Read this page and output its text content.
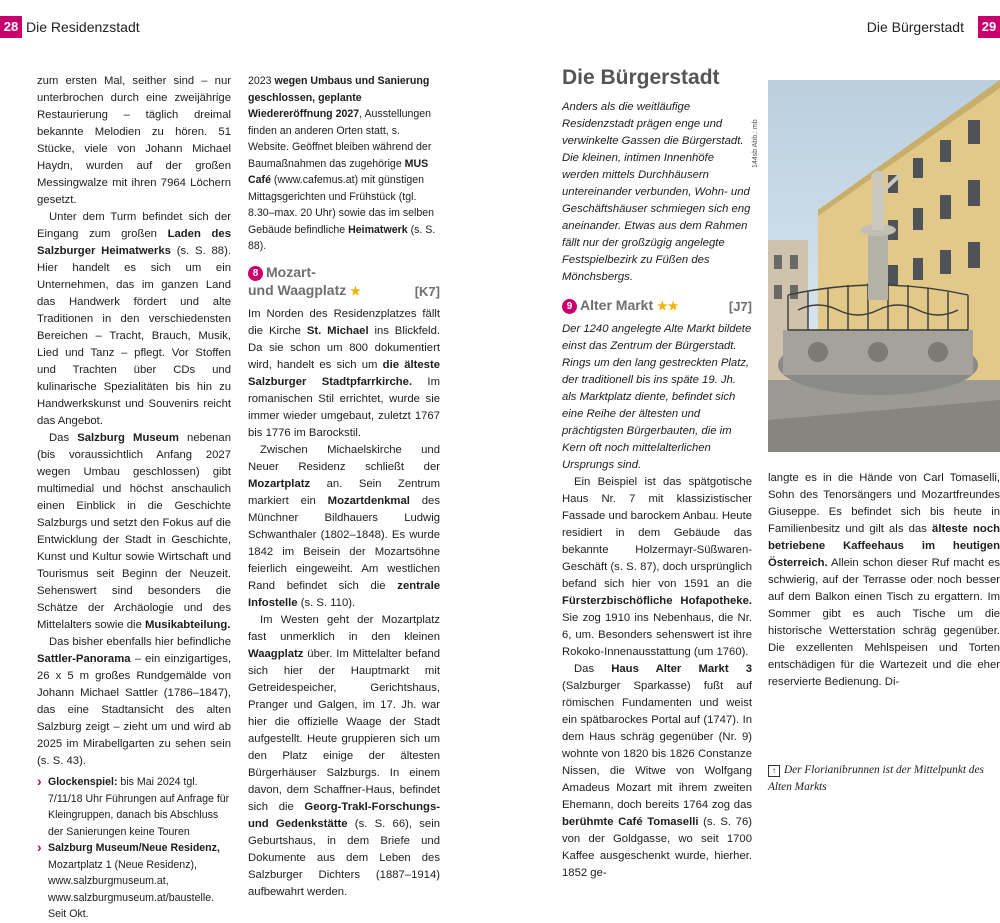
28 Die Residenzstadt

zum ersten Mal, seither sind – nur unterbrochen durch eine zweijährige Restaurierung – täglich dreimal bekannte Melodien zu hören. 51 Stücke, viele von Johann Michael Haydn, wurden auf der großen Messingwalze mit ihren 7964 Löchern gesetzt.

Unter dem Turm befindet sich der Eingang zum großen Laden des Salzburger Heimatwerks (s. S. 88). Hier handelt es sich um ein Unternehmen, das im ganzen Land das Handwerk fördert und alte Traditionen in den verschiedensten Bereichen – Tracht, Brauch, Musik, Lied und Tanz – pflegt. Vor Stoffen und Trachten über CDs und kulinarische Spezialitäten bis hin zu Handwerkskunst und Souvenirs reicht das Angebot.

Das Salzburg Museum nebenan (bis voraussichtlich Anfang 2027 wegen Umbau geschlossen) gibt multimedial und höchst anschaulich einen Einblick in die Geschichte Salzburgs und setzt den Fokus auf die Entwicklung der Stadt in Geschichte, Kunst und Kultur sowie Wirtschaft und Tourismus seit Beginn der Neuzeit. Sehenswert sind besonders die Schätze der Archäologie und des Mittelalters sowie die Musikabteilung.

Das bisher ebenfalls hier befindliche Sattler-Panorama – ein einzigartiges, 26 x 5 m großes Rundgemälde von Johann Michael Sattler (1786–1847), das eine Stadtansicht des alten Salzburg zeigt – zieht um und wird ab 2025 im Mirabellgarten zu sehen sein (s. S. 43).

› Glockenspiel: bis Mai 2024 tgl. 7/11/18 Uhr Führungen auf Anfrage für Kleingruppen, danach bis Abschluss der Sanierungen keine Touren
› Salzburg Museum/Neue Residenz, Mozartplatz 1 (Neue Residenz), www.salzburgmuseum.at, www.salzburgmuseum.at/baustelle. Seit Okt.

2023 wegen Umbaus und Sanierung geschlossen, geplante Wiedereröffnung 2027, Ausstellungen finden an anderen Orten statt, s. Website. Geöffnet bleiben während der Baumaßnahmen das zugehörige MUS Café (www.cafemus.at) mit günstigen Mittagsgerichten und Frühstück (tgl. 8.30–max. 20 Uhr) sowie das im selben Gebäude befindliche Heimatwerk (s. S. 88).

8 Mozart-
und Waagplatz ★	[K7]

Im Norden des Residenzplatzes fällt die Kirche St. Michael ins Blickfeld. Da sie schon um 800 dokumentiert wird, handelt es sich um die älteste Salzburger Stadtpfarrkirche. Im romanischen Stil errichtet, wurde sie immer wieder umgebaut, zuletzt 1767 bis 1776 im Barockstil.

Zwischen Michaelskirche und Neuer Residenz schließt der Mozartplatz an. Sein Zentrum markiert ein Mozartdenkmal des Münchner Bildhauers Ludwig Schwanthaler (1802–1848). Es wurde 1842 im Beisein der Mozartsöhne feierlich eingeweiht. Am westlichen Rand befindet sich die zentrale Infostelle (s. S. 110).

Im Westen geht der Mozartplatz fast unmerklich in den kleinen Waagplatz über. Im Mittelalter befand sich hier der Hauptmarkt mit Getreidespeicher, Gerichtshaus, Pranger und Galgen, im 17. Jh. war hier die offizielle Waage der Stadt aufgestellt. Heute gruppieren sich um den Platz einige der ältesten Bürgerhäuser Salzburgs. In einem davon, dem Schaffner-Haus, befindet sich die Georg-Trakl-Forschungs- und Gedenkstätte (s. S. 66), sein Geburtshaus, in dem Briefe und Dokumente aus dem Leben des Salzburger Dichters (1887–1914) aufbewahrt werden.

Die Bürgerstadt 29
Die Bürgerstadt

Anders als die weitläufige Residenzstadt prägen enge und verwinkelte Gassen die Bürgerstadt. Die kleinen, intimen Innenhöfe werden mittels Durchhäusern untereinander verbunden, Wohn- und Geschäftshäuser schmiegen sich eng aneinander. Etwas aus dem Rahmen fällt nur der großzügig angelegte Festspielbezirk zu Füßen des Mönchsbergs.

9 Alter Markt ★★	[J7]

Der 1240 angelegte Alte Markt bildete einst das Zentrum der Bürgerstadt. Rings um den lang gestreckten Platz, der traditionell bis ins späte 19. Jh. als Marktplatz diente, befindet sich eine Reihe der ältesten und prächtigsten Bürgerbauten, die im Kern oft noch mittelalterlichen Ursprungs sind.

Ein Beispiel ist das spätgotische Haus Nr. 7 mit klassizistischer Fassade und barockem Anbau. Heute residiert in dem Gebäude das bekannte Holzermayr-Süßwaren-Geschäft (s. S. 87), doch ursprünglich befand sich hier von 1591 an die Fürsterzbischöfliche Hofapotheke. Sie zog 1910 ins Nebenhaus, die Nr. 6, um. Besonders sehenswert ist ihre Rokoko-Innenausstattung (um 1760).

Das Haus Alter Markt 3 (Salzburger Sparkasse) fußt auf römischen Fundamenten und weist ein spätbarockes Portal auf (1747). In dem Haus schräg gegenüber (Nr. 9) wohnte von 1820 bis 1826 Constanze Nissen, die Witwe von Wolfgang Amadeus Mozart mit ihrem zweiten Ehemann, doch bereits 1764 zog das berühmte Café Tomaselli (s. S. 76) von der Goldgasse, wo seit 1700 Kaffee ausgeschenkt wurde, hierher. 1852 ge-

144sb Abb.: mb

langte es in die Hände von Carl Tomaselli, Sohn des Tenorsängers und Mozartfreundes Giuseppe. Es befindet sich bis heute in Familienbesitz und gilt als das älteste noch betriebene Kaffeehaus im heutigen Österreich. Allein schon dieser Ruf macht es schwierig, auf der Terrasse oder noch besser auf dem Balkon einen Tisch zu ergattern. Im Sommer gibt es auch Tische um die historische Wetterstation schräg gegenüber. Die exzellenten Mehlspeisen und Torten entschädigen für die Wartezeit und die eher reservierte Bedienung. Di-

↑ Der Florianibrunnen ist der Mittelpunkt des Alten Markts
